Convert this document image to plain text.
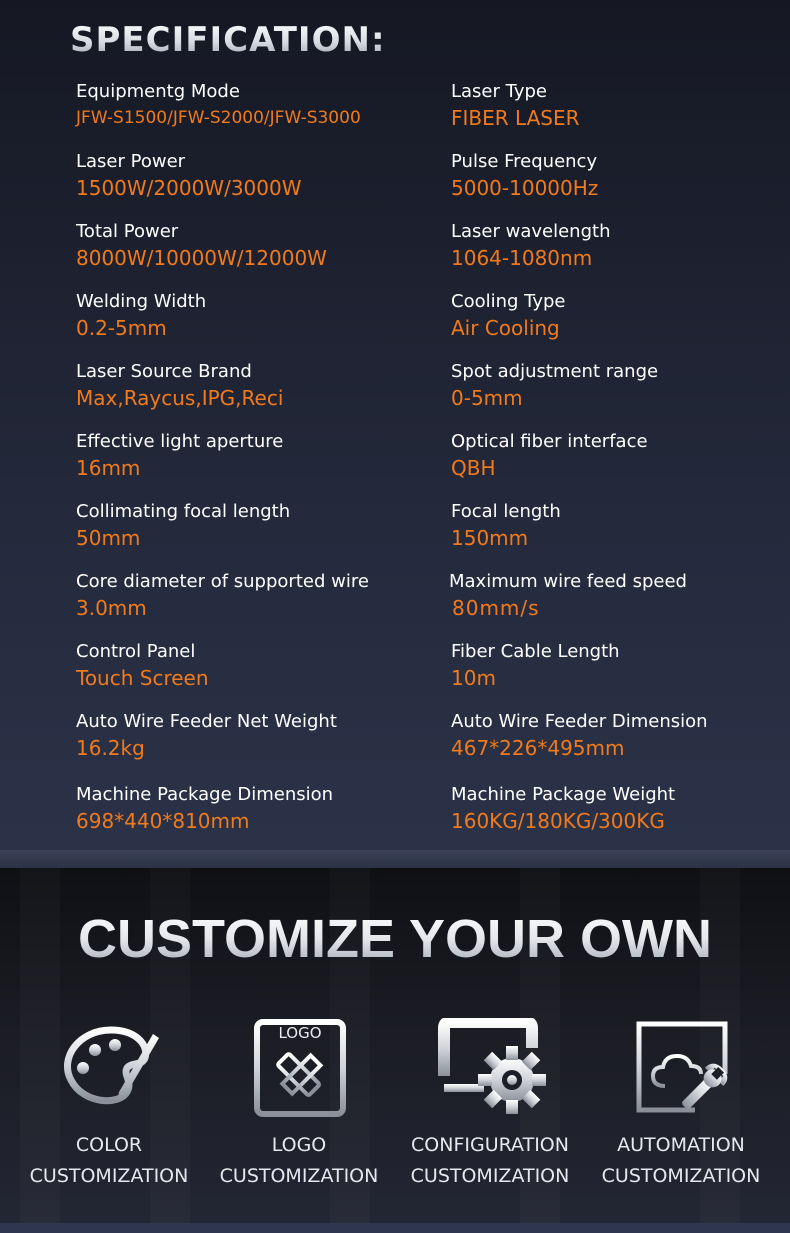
SPECIFICATION:
Equipmentg Mode
JFW-S1500/JFW-S2000/JFW-S3000
Laser Type
FIBER LASER
Laser Power
1500W/2000W/3000W
Pulse Frequency
5000-10000Hz
Total Power
8000W/10000W/12000W
Laser wavelength
1064-1080nm
Welding Width
0.2-5mm
Cooling Type
Air Cooling
Laser Source Brand
Max,Raycus,IPG,Reci
Spot adjustment range
0-5mm
Effective light aperture
16mm
Optical fiber interface
QBH
Collimating focal length
50mm
Focal length
150mm
Core diameter of supported wire
3.0mm
Maximum wire feed speed
80mm/s
Control Panel
Touch Screen
Fiber Cable Length
10m
Auto Wire Feeder Net Weight
16.2kg
Auto Wire Feeder Dimension
467*226*495mm
Machine Package Dimension
698*440*810mm
Machine Package Weight
160KG/180KG/300KG
CUSTOMIZE YOUR OWN
COLOR
CUSTOMIZATION
LOGO
LOGO
CUSTOMIZATION
CONFIGURATION
CUSTOMIZATION
AUTOMATION
CUSTOMIZATION
